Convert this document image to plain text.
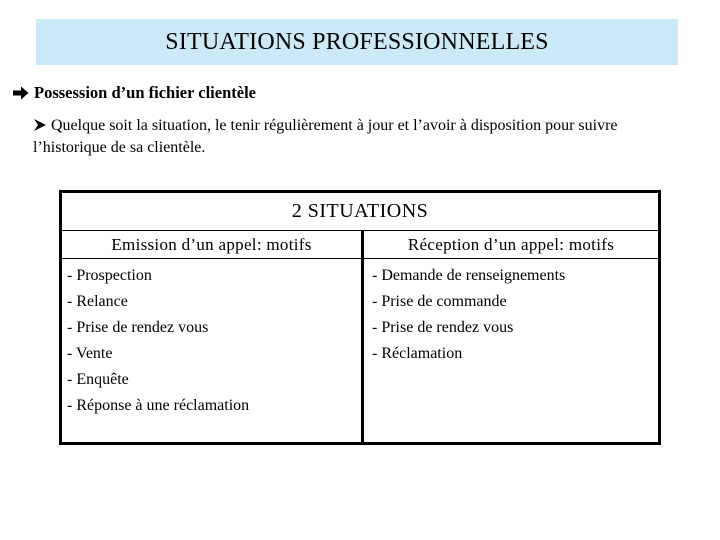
SITUATIONS PROFESSIONNELLES
Possession d’un fichier clientèle
Quelque soit la situation, le tenir régulièrement à jour et l’avoir à disposition pour suivre l’historique de sa clientèle.
2 SITUATIONS
Emission d’un appel: motifs
- Prospection
- Relance
- Prise de rendez vous
- Vente
- Enquête
- Réponse à une réclamation
Réception d’un appel: motifs
- Demande de renseignements
- Prise de commande
- Prise de rendez vous
- Réclamation
